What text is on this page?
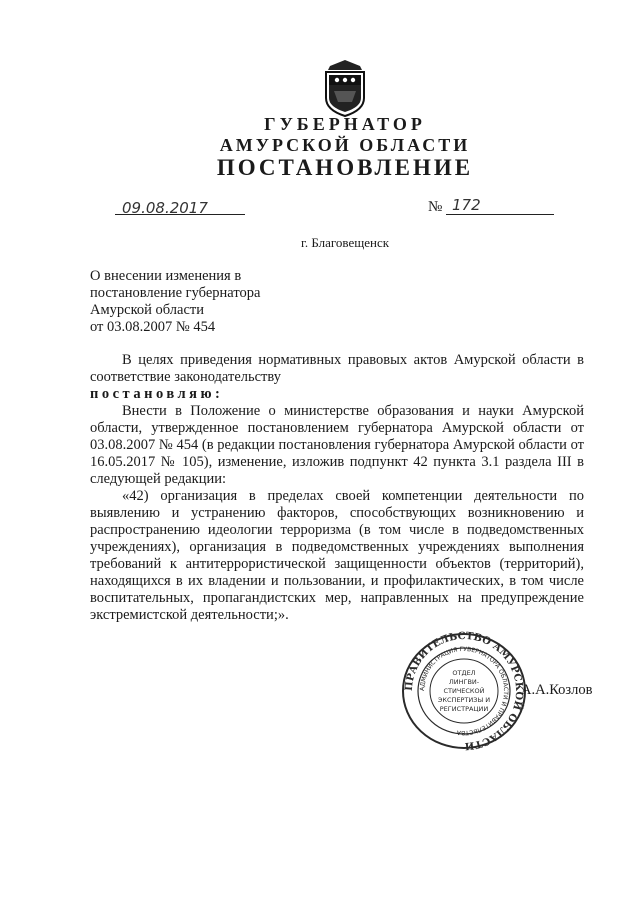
ГУБЕРНАТОР
АМУРСКОЙ ОБЛАСТИ
ПОСТАНОВЛЕНИЕ
09.08.2017	№ 172
г. Благовещенск
О внесении изменения в
постановление губернатора
Амурской области
от 03.08.2007 № 454
В целях приведения нормативных правовых актов Амурской области в соответствие законодательству
постановляю:
Внести в Положение о министерстве образования и науки Амурской области, утвержденное постановлением губернатора Амурской области от 03.08.2007 № 454 (в редакции постановления губернатора Амурской области от 16.05.2017 № 105), изменение, изложив подпункт 42 пункта 3.1 раздела III в следующей редакции:
«42) организация в пределах своей компетенции деятельности по выявлению и устранению факторов, способствующих возникновению и распространению идеологии терроризма (в том числе в подведомственных учреждениях), организация в подведомственных учреждениях выполнения требований к антитеррористической защищенности объектов (территорий), находящихся в их владении и пользовании, и профилактических, в том числе воспитательных, пропагандистских мер, направленных на предупреждение экстремистской деятельности;».
ПРАВИТЕЛЬСТВО АМУРСКОЙ ОБЛАСТИ
АДМИНИСТРАЦИЯ ГУБЕРНАТОРА ОБЛАСТИ И ПРАВИТЕЛЬСТВА
ОТДЕЛ
ЛИНГВИ-
СТИЧЕСКОЙ
ЭКСПЕРТИЗЫ И
РЕГИСТРАЦИИ
А.А.Козлов
